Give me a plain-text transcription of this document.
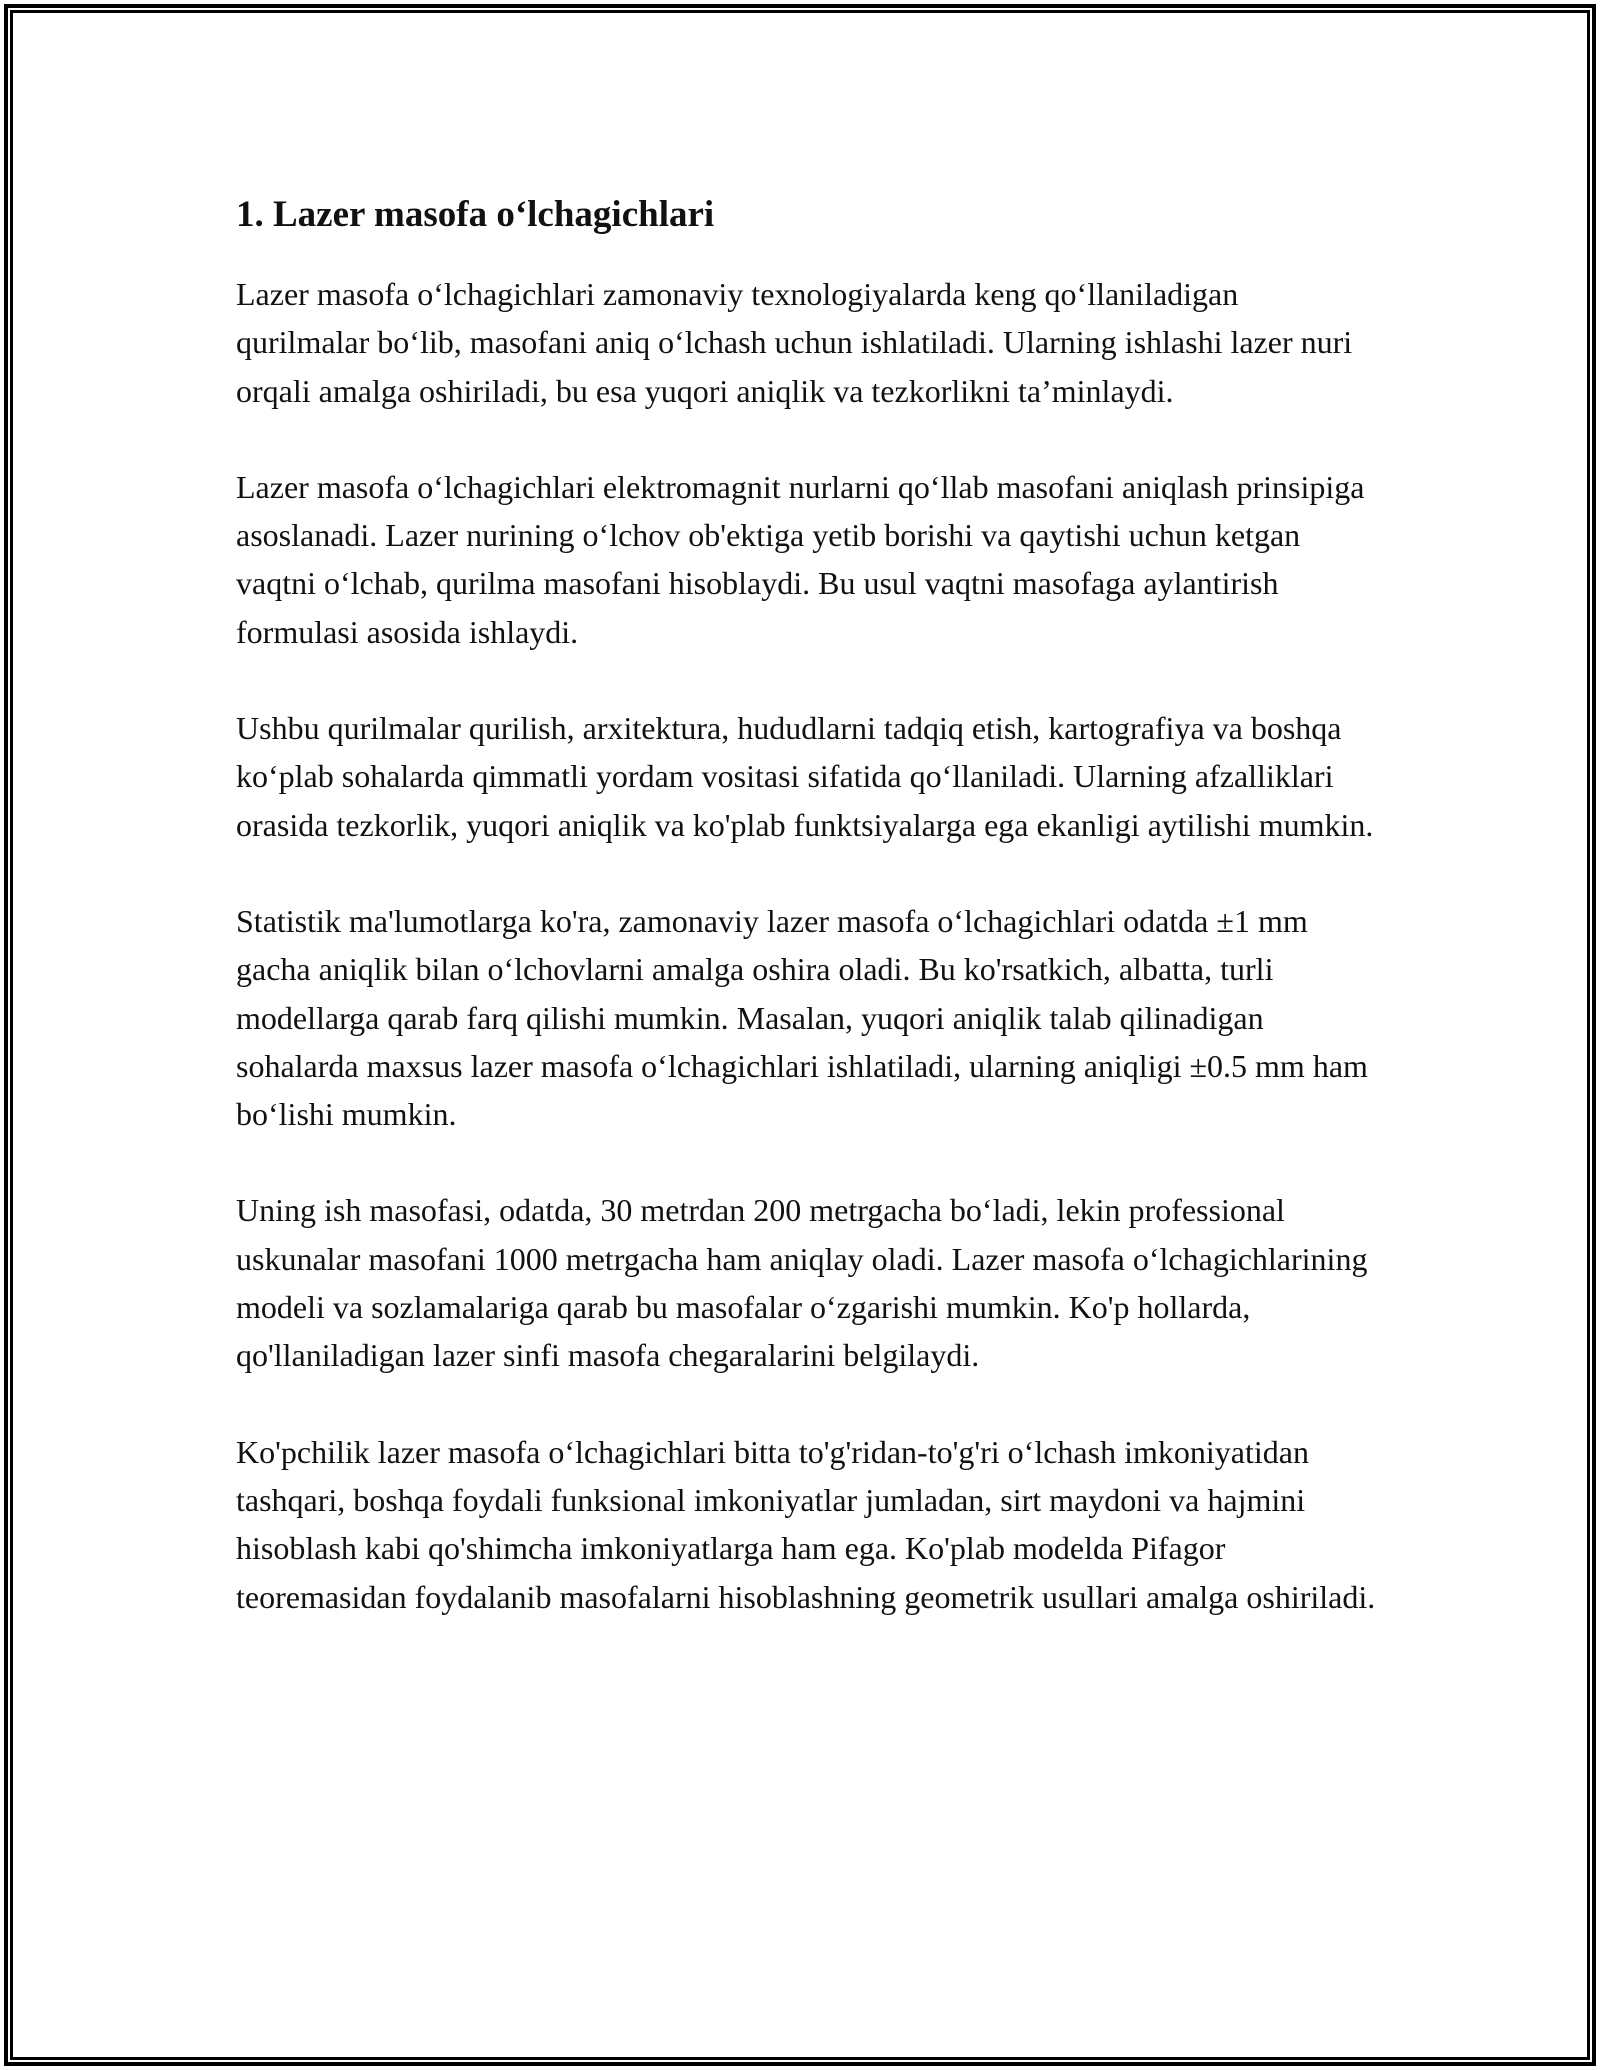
1. Lazer masofa oʻlchagichlari

Lazer masofa oʻlchagichlari zamonaviy texnologiyalarda keng qoʻllaniladigan qurilmalar boʻlib, masofani aniq oʻlchash uchun ishlatiladi. Ularning ishlashi lazer nuri orqali amalga oshiriladi, bu esa yuqori aniqlik va tezkorlikni ta’minlaydi.

Lazer masofa oʻlchagichlari elektromagnit nurlarni qoʻllab masofani aniqlash prinsipiga asoslanadi. Lazer nurining oʻlchov ob'ektiga yetib borishi va qaytishi uchun ketgan vaqtni oʻlchab, qurilma masofani hisoblaydi. Bu usul vaqtni masofaga aylantirish formulasi asosida ishlaydi.

Ushbu qurilmalar qurilish, arxitektura, hududlarni tadqiq etish, kartografiya va boshqa koʻplab sohalarda qimmatli yordam vositasi sifatida qoʻllaniladi. Ularning afzalliklari orasida tezkorlik, yuqori aniqlik va ko'plab funktsiyalarga ega ekanligi aytilishi mumkin.

Statistik ma'lumotlarga ko'ra, zamonaviy lazer masofa oʻlchagichlari odatda ±1 mm gacha aniqlik bilan oʻlchovlarni amalga oshira oladi. Bu ko'rsatkich, albatta, turli modellarga qarab farq qilishi mumkin. Masalan, yuqori aniqlik talab qilinadigan sohalarda maxsus lazer masofa oʻlchagichlari ishlatiladi, ularning aniqligi ±0.5 mm ham boʻlishi mumkin.

Uning ish masofasi, odatda, 30 metrdan 200 metrgacha boʻladi, lekin professional uskunalar masofani 1000 metrgacha ham aniqlay oladi. Lazer masofa oʻlchagichlarining modeli va sozlamalariga qarab bu masofalar oʻzgarishi mumkin. Ko'p hollarda, qo'llaniladigan lazer sinfi masofa chegaralarini belgilaydi.

Ko'pchilik lazer masofa oʻlchagichlari bitta to'g'ridan-to'g'ri oʻlchash imkoniyatidan tashqari, boshqa foydali funksional imkoniyatlar jumladan, sirt maydoni va hajmini hisoblash kabi qo'shimcha imkoniyatlarga ham ega. Ko'plab modelda Pifagor teoremasidan foydalanib masofalarni hisoblashning geometrik usullari amalga oshiriladi.
